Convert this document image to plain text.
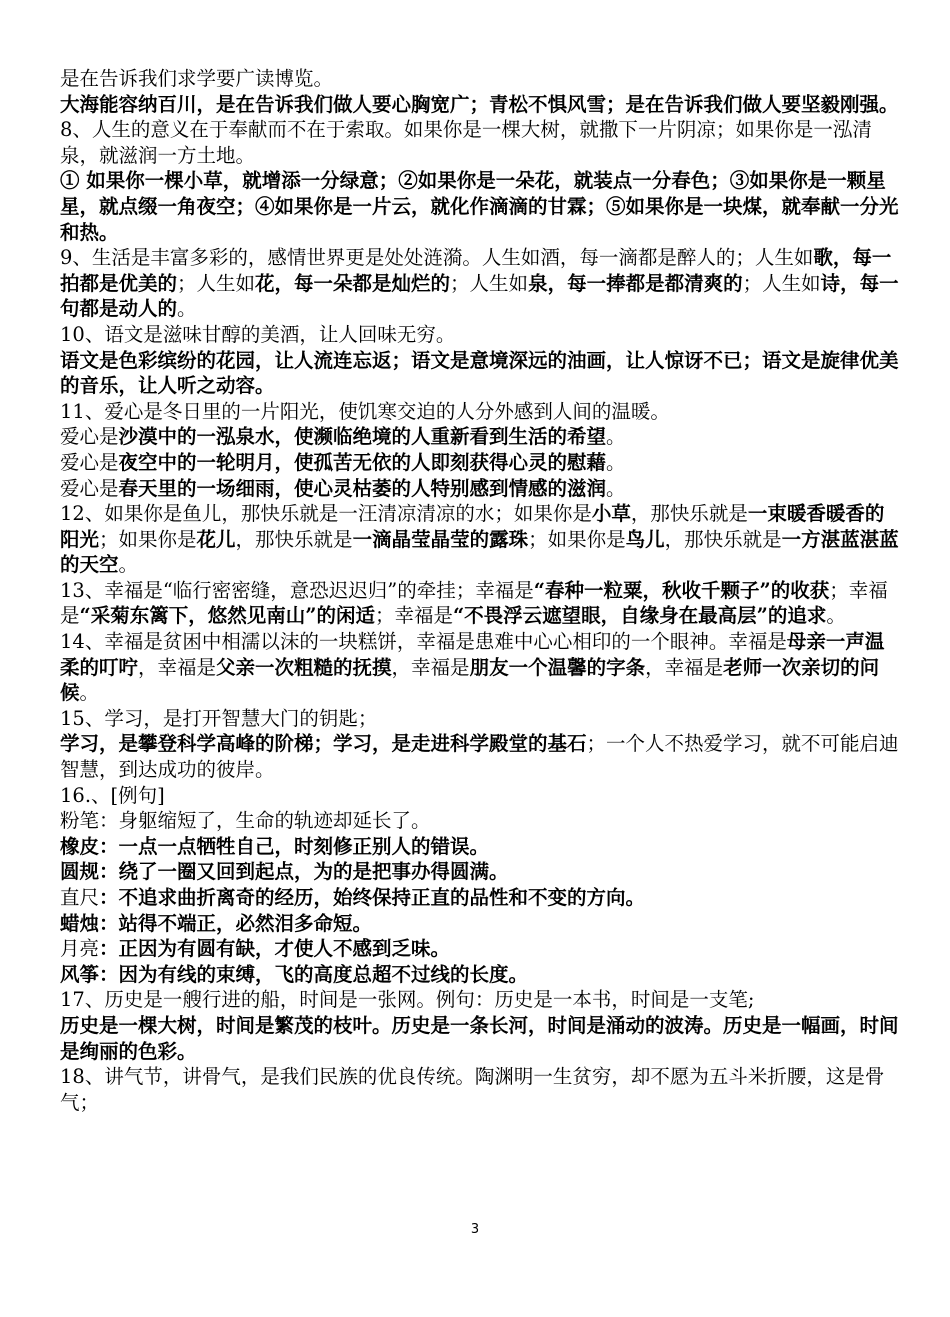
是在告诉我们求学要广读博览。

大海能容纳百川，是在告诉我们做人要心胸宽广；青松不惧风雪；是在告诉我们做人要坚毅刚强。

8、人生的意义在于奉献而不在于索取。如果你是一棵大树，就撒下一片阴凉；如果你是一泓清泉，就滋润一方土地。

① 如果你一棵小草，就增添一分绿意；②如果你是一朵花，就装点一分春色；③如果你是一颗星星，就点缀一角夜空；④如果你是一片云，就化作滴滴的甘霖；⑤如果你是一块煤，就奉献一分光和热。

9、生活是丰富多彩的，感情世界更是处处涟漪。人生如酒，每一滴都是醉人的；人生如歌，每一拍都是优美的；人生如花，每一朵都是灿烂的；人生如泉，每一捧都是都清爽的；人生如诗，每一句都是动人的。

10、语文是滋味甘醇的美酒，让人回味无穷。

语文是色彩缤纷的花园，让人流连忘返；语文是意境深远的油画，让人惊讶不已；语文是旋律优美的音乐，让人听之动容。

11、爱心是冬日里的一片阳光，使饥寒交迫的人分外感到人间的温暖。

爱心是沙漠中的一泓泉水，使濒临绝境的人重新看到生活的希望。

爱心是夜空中的一轮明月，使孤苦无依的人即刻获得心灵的慰藉。

爱心是春天里的一场细雨，使心灵枯萎的人特别感到情感的滋润。

12、如果你是鱼儿，那快乐就是一汪清凉清凉的水；如果你是小草，那快乐就是一束暖香暖香的阳光；如果你是花儿，那快乐就是一滴晶莹晶莹的露珠；如果你是鸟儿，那快乐就是一方湛蓝湛蓝的天空。

13、幸福是“临行密密缝，意恐迟迟归”的牵挂；幸福是“春种一粒粟，秋收千颗子”的收获；幸福是“采菊东篱下，悠然见南山”的闲适；幸福是“不畏浮云遮望眼，自缘身在最高层”的追求。

14、幸福是贫困中相濡以沫的一块糕饼，幸福是患难中心心相印的一个眼神。幸福是母亲一声温柔的叮咛，幸福是父亲一次粗糙的抚摸，幸福是朋友一个温馨的字条，幸福是老师一次亲切的问候。

15、学习，是打开智慧大门的钥匙；

学习，是攀登科学高峰的阶梯；学习，是走进科学殿堂的基石；一个人不热爱学习，就不可能启迪智慧，到达成功的彼岸。

16.、[例句]

粉笔：身躯缩短了，生命的轨迹却延长了。

橡皮：一点一点牺牲自己，时刻修正别人的错误。

圆规：绕了一圈又回到起点，为的是把事办得圆满。

直尺：不追求曲折离奇的经历，始终保持正直的品性和不变的方向。

蜡烛：站得不端正，必然泪多命短。

月亮：正因为有圆有缺，才使人不感到乏味。

风筝：因为有线的束缚，飞的高度总超不过线的长度。

17、历史是一艘行进的船，时间是一张网。例句：历史是一本书，时间是一支笔;

历史是一棵大树，时间是繁茂的枝叶。历史是一条长河，时间是涌动的波涛。历史是一幅画，时间是绚丽的色彩。

18、讲气节，讲骨气，是我们民族的优良传统。陶渊明一生贫穷，却不愿为五斗米折腰，这是骨气；

3
